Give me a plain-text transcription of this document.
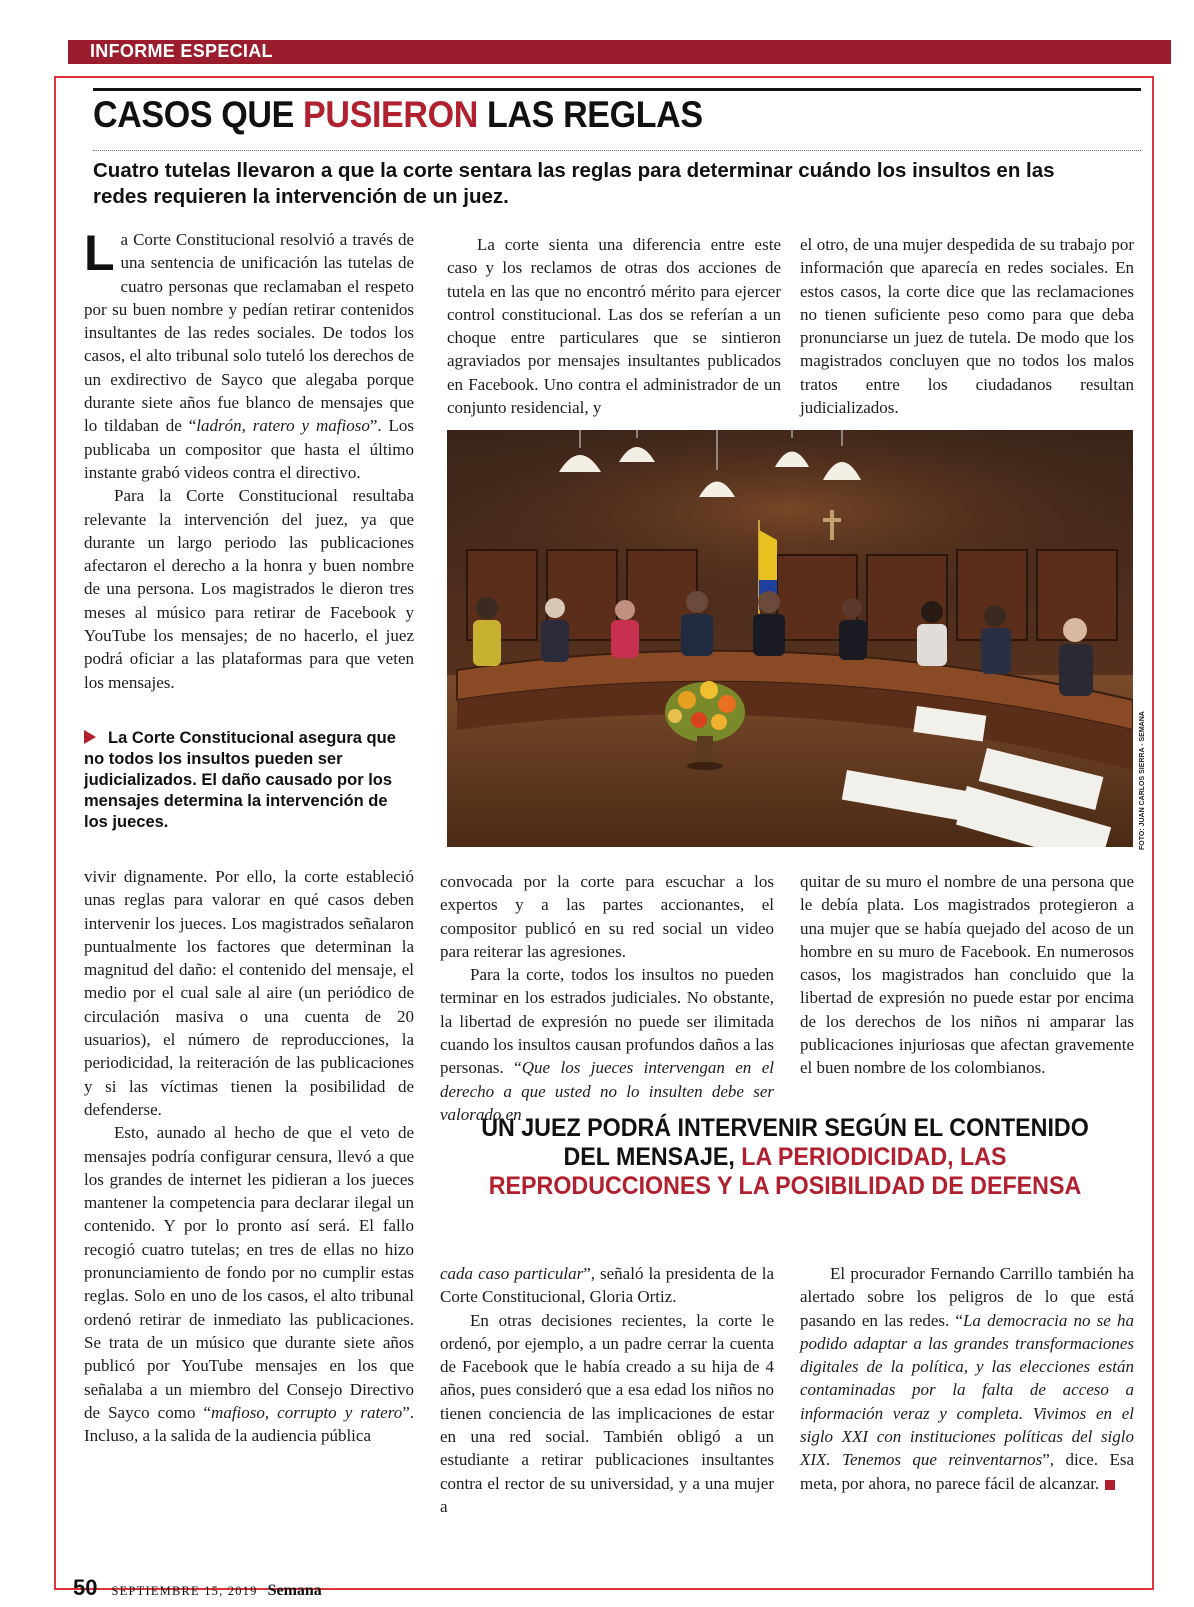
INFORME ESPECIAL
CASOS QUE PUSIERON LAS REGLAS

Cuatro tutelas llevaron a que la corte sentara las reglas para determinar cuándo los insultos en las redes requieren la intervención de un juez.

La Corte Constitucional resolvió a través de una sentencia de unificación las tutelas de cuatro personas que reclamaban el respeto por su buen nombre y pedían retirar contenidos insultantes de las redes sociales. De todos los casos, el alto tribunal solo tuteló los derechos de un exdirectivo de Sayco que alegaba porque durante siete años fue blanco de mensajes que lo tildaban de “ladrón, ratero y mafioso”. Los publicaba un compositor que hasta el último instante grabó videos contra el directivo.

Para la Corte Constitucional resultaba relevante la intervención del juez, ya que durante un largo periodo las publicaciones afectaron el derecho a la honra y buen nombre de una persona. Los magistrados le dieron tres meses al músico para retirar de Facebook y YouTube los mensajes; de no hacerlo, el juez podrá oficiar a las plataformas para que veten los mensajes.

La Corte Constitucional asegura que no todos los insultos pueden ser judicializados. El daño causado por los mensajes determina la intervención de los jueces.

La corte sienta una diferencia entre este caso y los reclamos de otras dos acciones de tutela en las que no encontró mérito para ejercer control constitucional. Las dos se referían a un choque entre particulares que se sintieron agraviados por mensajes insultantes publicados en Facebook. Uno contra el administrador de un conjunto residencial, y

el otro, de una mujer despedida de su trabajo por información que aparecía en redes sociales. En estos casos, la corte dice que las reclamaciones no tienen suficiente peso como para que deba pronunciarse un juez de tutela. De modo que los magistrados concluyen que no todos los malos tratos entre los ciudadanos resultan judicializados.

FOTO: JUAN CARLOS SIERRA - SEMANA

vivir dignamente. Por ello, la corte estableció unas reglas para valorar en qué casos deben intervenir los jueces. Los magistrados señalaron puntualmente los factores que determinan la magnitud del daño: el contenido del mensaje, el medio por el cual sale al aire (un periódico de circulación masiva o una cuenta de 20 usuarios), el número de reproducciones, la periodicidad, la reiteración de las publicaciones y si las víctimas tienen la posibilidad de defenderse.

Esto, aunado al hecho de que el veto de mensajes podría configurar censura, llevó a que los grandes de internet les pidieran a los jueces mantener la competencia para declarar ilegal un contenido. Y por lo pronto así será. El fallo recogió cuatro tutelas; en tres de ellas no hizo pronunciamiento de fondo por no cumplir estas reglas. Solo en uno de los casos, el alto tribunal ordenó retirar de inmediato las publicaciones. Se trata de un músico que durante siete años publicó por YouTube mensajes en los que señalaba a un miembro del Consejo Directivo de Sayco como “mafioso, corrupto y ratero”. Incluso, a la salida de la audiencia pública

convocada por la corte para escuchar a los expertos y a las partes accionantes, el compositor publicó en su red social un video para reiterar las agresiones.

Para la corte, todos los insultos no pueden terminar en los estrados judiciales. No obstante, la libertad de expresión no puede ser ilimitada cuando los insultos causan profundos daños a las personas. “Que los jueces intervengan en el derecho a que usted no lo insulten debe ser valorado en

quitar de su muro el nombre de una persona que le debía plata. Los magistrados protegieron a una mujer que se había quejado del acoso de un hombre en su muro de Facebook. En numerosos casos, los magistrados han concluido que la libertad de expresión no puede estar por encima de los derechos de los niños ni amparar las publicaciones injuriosas que afectan gravemente el buen nombre de los colombianos.

UN JUEZ PODRÁ INTERVENIR SEGÚN EL CONTENIDO DEL MENSAJE, LA PERIODICIDAD, LAS REPRODUCCIONES Y LA POSIBILIDAD DE DEFENSA

cada caso particular”, señaló la presidenta de la Corte Constitucional, Gloria Ortiz.

En otras decisiones recientes, la corte le ordenó, por ejemplo, a un padre cerrar la cuenta de Facebook que le había creado a su hija de 4 años, pues consideró que a esa edad los niños no tienen conciencia de las implicaciones de estar en una red social. También obligó a un estudiante a retirar publicaciones insultantes contra el rector de su universidad, y a una mujer a

El procurador Fernando Carrillo también ha alertado sobre los peligros de lo que está pasando en las redes. “La democracia no se ha podido adaptar a las grandes transformaciones digitales de la política, y las elecciones están contaminadas por la falta de acceso a información veraz y completa. Vivimos en el siglo XXI con instituciones políticas del siglo XIX. Tenemos que reinventarnos”, dice. Esa meta, por ahora, no parece fácil de alcanzar.

50 SEPTIEMBRE 15, 2019 Semana
